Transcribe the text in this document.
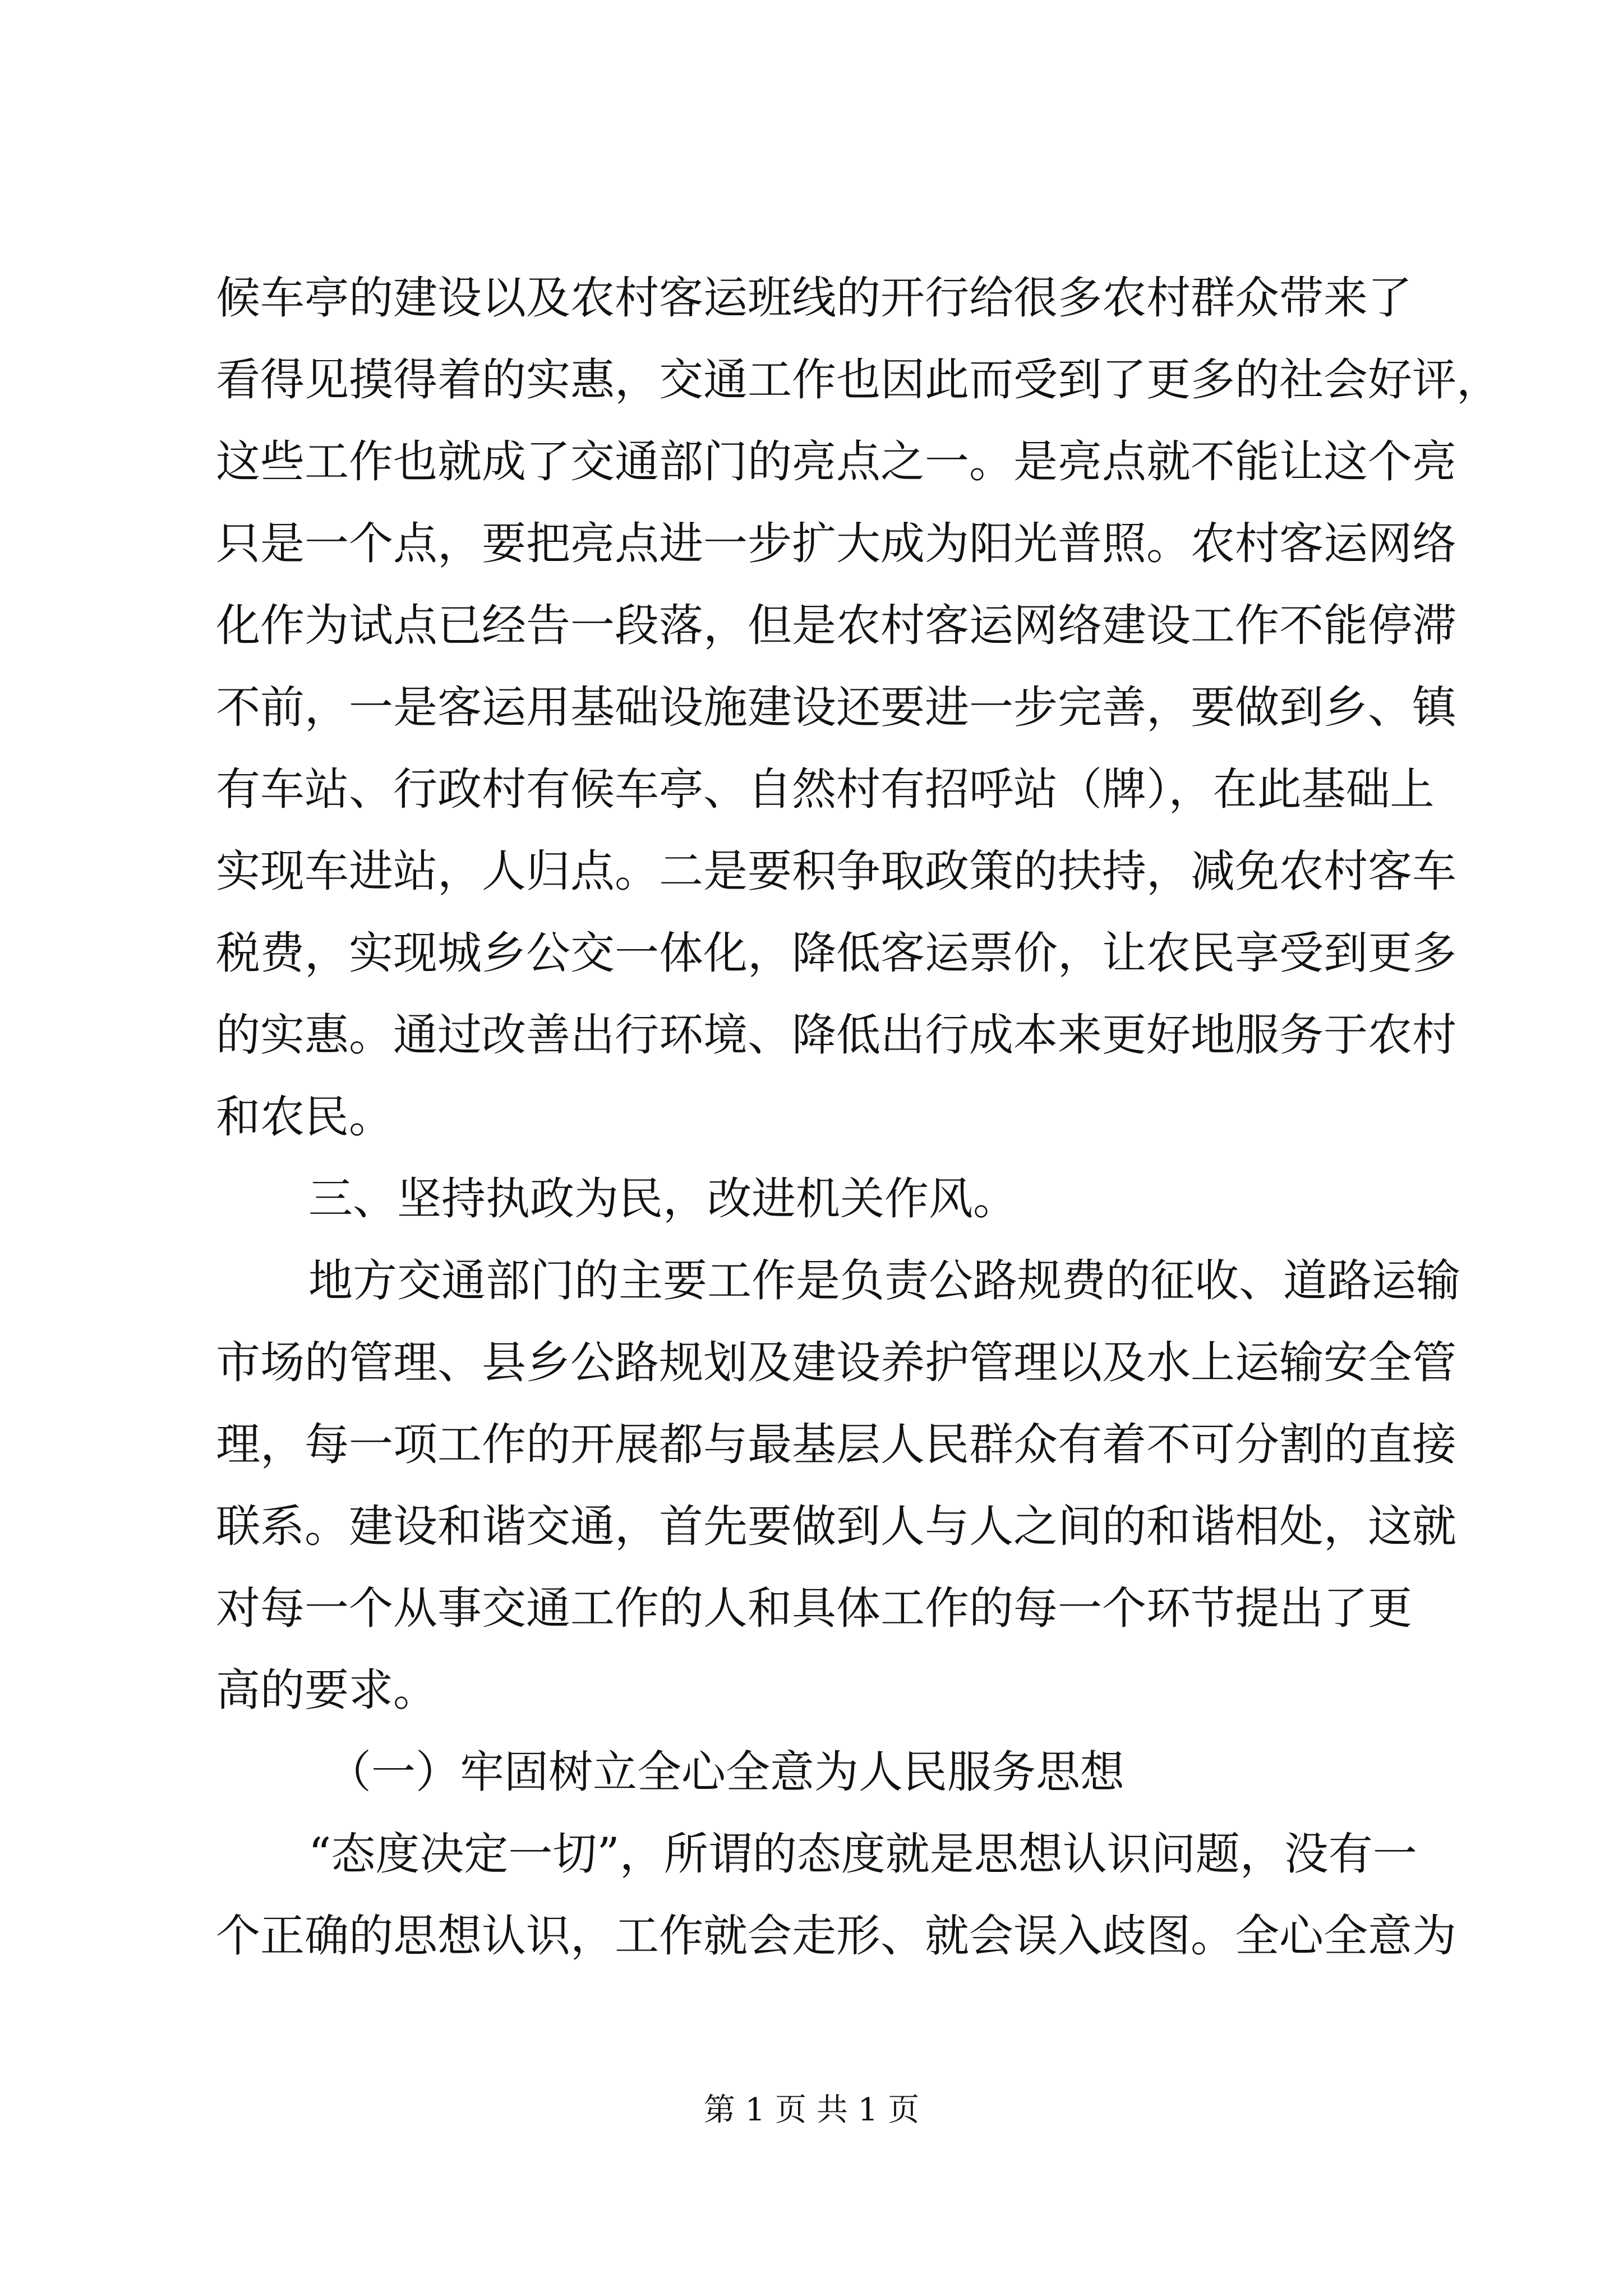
候车亭的建设以及农村客运班线的开行给很多农村群众带来了
看得见摸得着的实惠，交通工作也因此而受到了更多的社会好评，
这些工作也就成了交通部门的亮点之一。是亮点就不能让这个亮
只是一个点，要把亮点进一步扩大成为阳光普照。农村客运网络
化作为试点已经告一段落，但是农村客运网络建设工作不能停滞
不前，一是客运用基础设施建设还要进一步完善，要做到乡、镇
有车站、行政村有候车亭、自然村有招呼站（牌），在此基础上
实现车进站，人归点。二是要积争取政策的扶持，减免农村客车
税费，实现城乡公交一体化，降低客运票价，让农民享受到更多
的实惠。通过改善出行环境、降低出行成本来更好地服务于农村
和农民。
三、坚持执政为民，改进机关作风。
地方交通部门的主要工作是负责公路规费的征收、道路运输
市场的管理、县乡公路规划及建设养护管理以及水上运输安全管
理，每一项工作的开展都与最基层人民群众有着不可分割的直接
联系。建设和谐交通，首先要做到人与人之间的和谐相处，这就
对每一个从事交通工作的人和具体工作的每一个环节提出了更
高的要求。
（一）牢固树立全心全意为人民服务思想
“态度决定一切”，所谓的态度就是思想认识问题，没有一
个正确的思想认识，工作就会走形、就会误入歧图。全心全意为
第 1 页 共 1 页
